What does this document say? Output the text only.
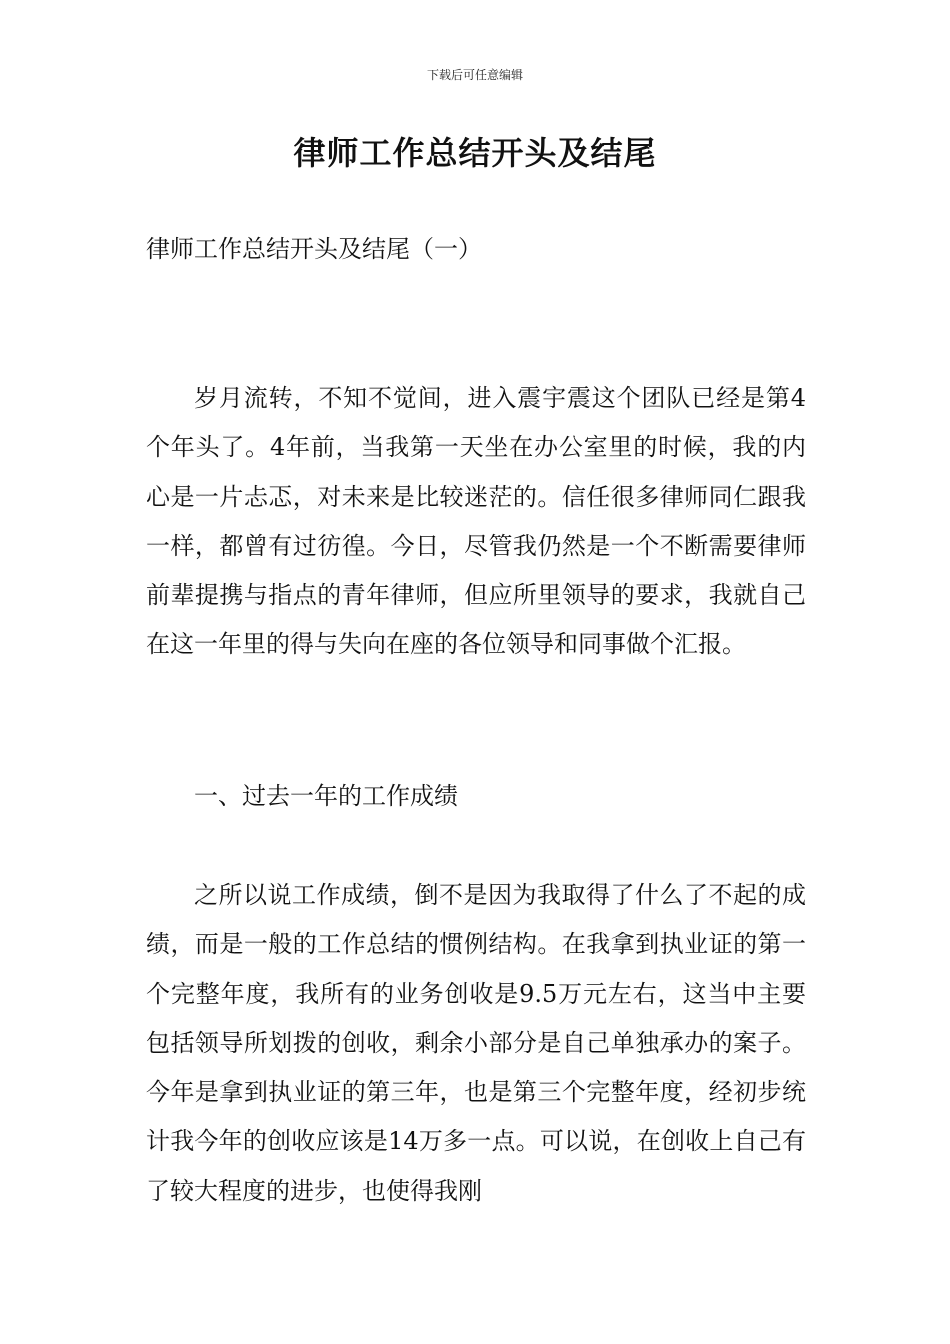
下载后可任意编辑
律师工作总结开头及结尾
律师工作总结开头及结尾（一）

岁月流转，不知不觉间，进入震宇震这个团队已经是第4个年头了。4年前，当我第一天坐在办公室里的时候，我的内心是一片忐忑，对未来是比较迷茫的。信任很多律师同仁跟我一样，都曾有过彷徨。今日，尽管我仍然是一个不断需要律师前辈提携与指点的青年律师，但应所里领导的要求，我就自己在这一年里的得与失向在座的各位领导和同事做个汇报。

一、过去一年的工作成绩

之所以说工作成绩，倒不是因为我取得了什么了不起的成绩，而是一般的工作总结的惯例结构。在我拿到执业证的第一个完整年度，我所有的业务创收是9.5万元左右，这当中主要包括领导所划拨的创收，剩余小部分是自己单独承办的案子。今年是拿到执业证的第三年，也是第三个完整年度，经初步统计我今年的创收应该是14万多一点。可以说，在创收上自己有了较大程度的进步，也使得我刚
